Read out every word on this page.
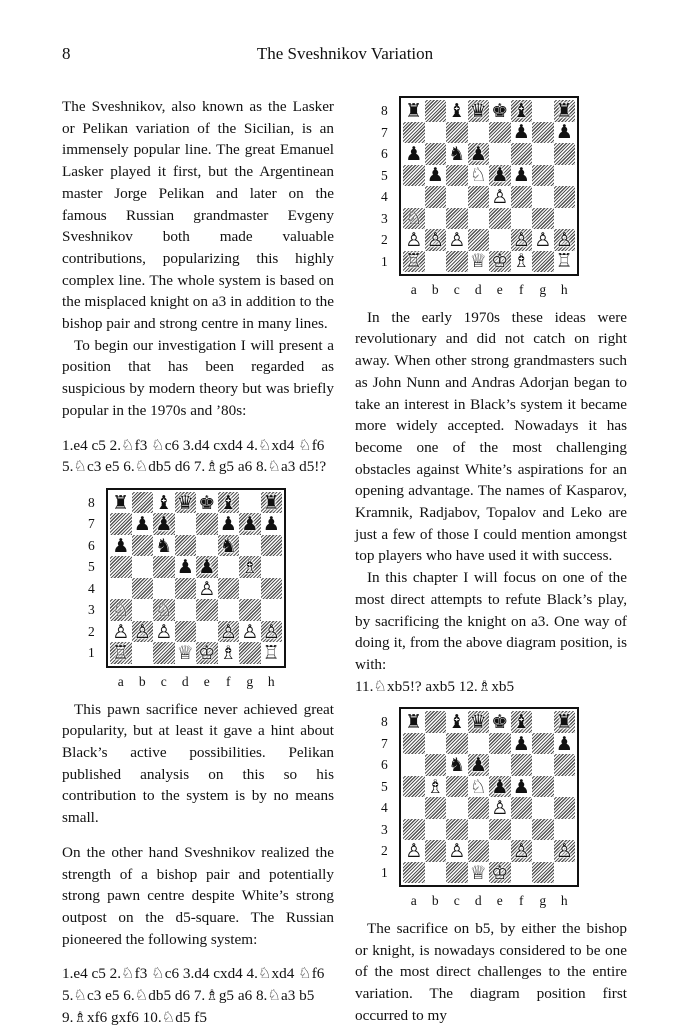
8	The Sveshnikov Variation

The Sveshnikov, also known as the Lasker or Pelikan variation of the Sicilian, is an immensely popular line. The great Emanuel Lasker played it first, but the Argentinean master Jorge Pelikan and later on the famous Russian grandmaster Evgeny Sveshnikov both made valuable contributions, popularizing this highly complex line. The whole system is based on the misplaced knight on a3 in addition to the bishop pair and strong centre in many lines.

To begin our investigation I will present a position that has been regarded as suspicious by modern theory but was briefly popular in the 1970s and ’80s:

1.e4 c5 2.♘f3 ♘c6 3.d4 cxd4 4.♘xd4 ♘f6 5.♘c3 e5 6.♘db5 d6 7.♗g5 a6 8.♘a3 d5!?

8
7
6
5
4
3
2
1
♜ ♝ ♛ ♚ ♝ ♜
♟ ♟ ♟ ♟ ♟
♟ ♞ ♞
♟ ♟ ♗
♙
♘ ♘
♙ ♙ ♙ ♙ ♙ ♙
♖ ♕ ♔ ♗ ♖
a	b	c	d	e	f	g	h

This pawn sacrifice never achieved great popularity, but at least it gave a hint about Black’s active possibilities. Pelikan published analysis on this so his contribution to the system is by no means small.

On the other hand Sveshnikov realized the strength of a bishop pair and potentially strong pawn centre despite White’s strong outpost on the d5-square. The Russian pioneered the following system:

1.e4 c5 2.♘f3 ♘c6 3.d4 cxd4 4.♘xd4 ♘f6 5.♘c3 e5 6.♘db5 d6 7.♗g5 a6 8.♘a3 b5 9.♗xf6 gxf6 10.♘d5 f5

8
7
6
5
4
3
2
1
♜ ♝ ♛ ♚ ♝ ♜
♟ ♟
♟ ♞ ♟
♟ ♘ ♟ ♟
♙
♘
♙ ♙ ♙ ♙ ♙ ♙
♖ ♕ ♔ ♗ ♖
a	b	c	d	e	f	g	h

In the early 1970s these ideas were revolutionary and did not catch on right away. When other strong grandmasters such as John Nunn and Andras Adorjan began to take an interest in Black’s system it became more widely accepted. Nowadays it has become one of the most challenging obstacles against White’s aspirations for an opening advantage. The names of Kasparov, Kramnik, Radjabov, Topalov and Leko are just a few of those I could mention amongst top players who have used it with success.

In this chapter I will focus on one of the most direct attempts to refute Black’s play, by sacrificing the knight on a3. One way of doing it, from the above diagram position, is with:

11.♘xb5!? axb5 12.♗xb5

8
7
6
5
4
3
2
1
♜ ♝ ♛ ♚ ♝ ♜
♟ ♟
♞ ♟
♗ ♘ ♟ ♟
♙
♙ ♙ ♙ ♙
♕ ♔
a	b	c	d	e	f	g	h

The sacrifice on b5, by either the bishop or knight, is nowadays considered to be one of the most direct challenges to the entire variation. The diagram position first occurred to my
